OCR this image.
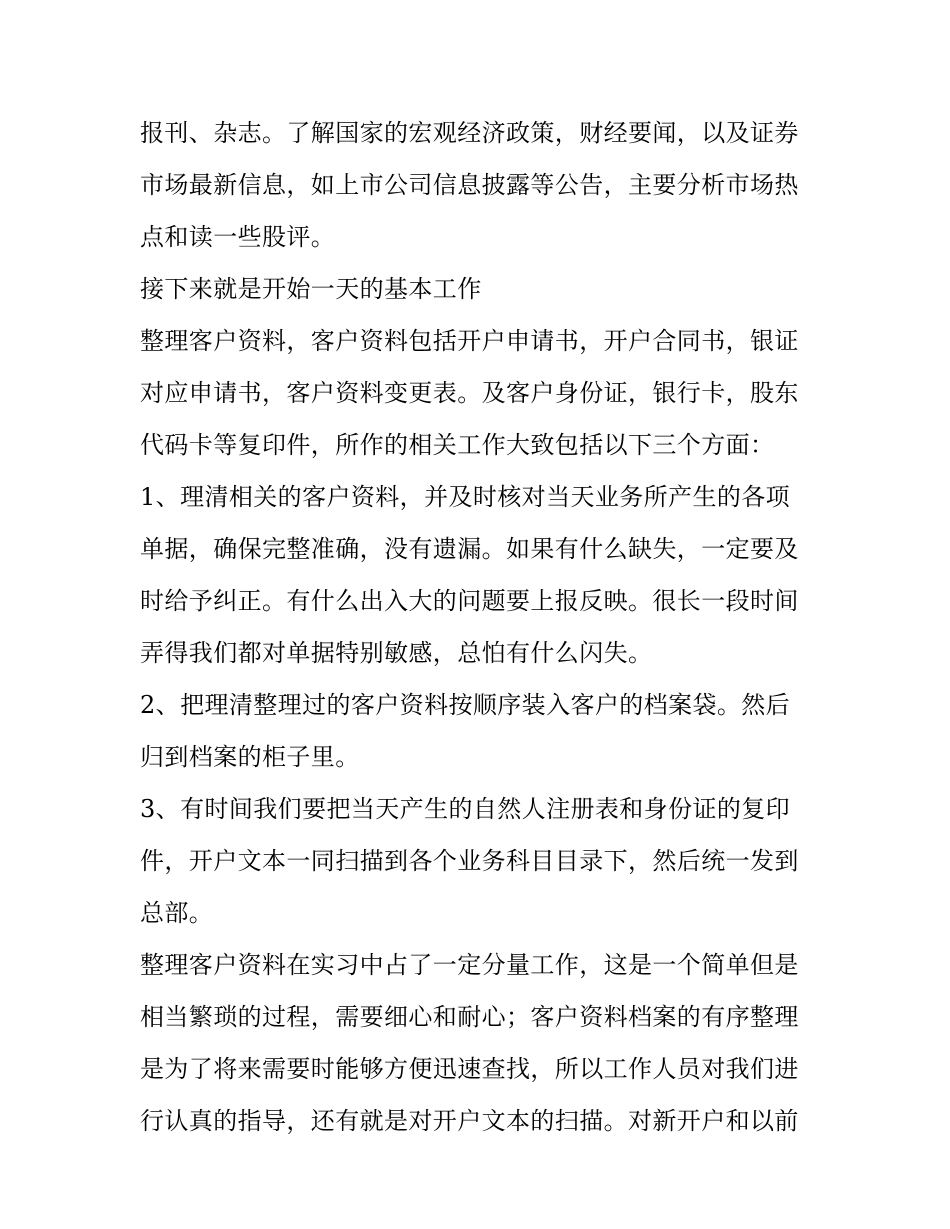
报刊、杂志。了解国家的宏观经济政策，财经要闻，以及证券
市场最新信息，如上市公司信息披露等公告，主要分析市场热
点和读一些股评。
接下来就是开始一天的基本工作
整理客户资料，客户资料包括开户申请书，开户合同书，银证
对应申请书，客户资料变更表。及客户身份证，银行卡，股东
代码卡等复印件，所作的相关工作大致包括以下三个方面：
1、理清相关的客户资料，并及时核对当天业务所产生的各项
单据，确保完整准确，没有遗漏。如果有什么缺失，一定要及
时给予纠正。有什么出入大的问题要上报反映。很长一段时间
弄得我们都对单据特别敏感，总怕有什么闪失。
2、把理清整理过的客户资料按顺序装入客户的档案袋。然后
归到档案的柜子里。
3、有时间我们要把当天产生的自然人注册表和身份证的复印
件，开户文本一同扫描到各个业务科目目录下，然后统一发到
总部。
整理客户资料在实习中占了一定分量工作，这是一个简单但是
相当繁琐的过程，需要细心和耐心；客户资料档案的有序整理
是为了将来需要时能够方便迅速查找，所以工作人员对我们进
行认真的指导，还有就是对开户文本的扫描。对新开户和以前
